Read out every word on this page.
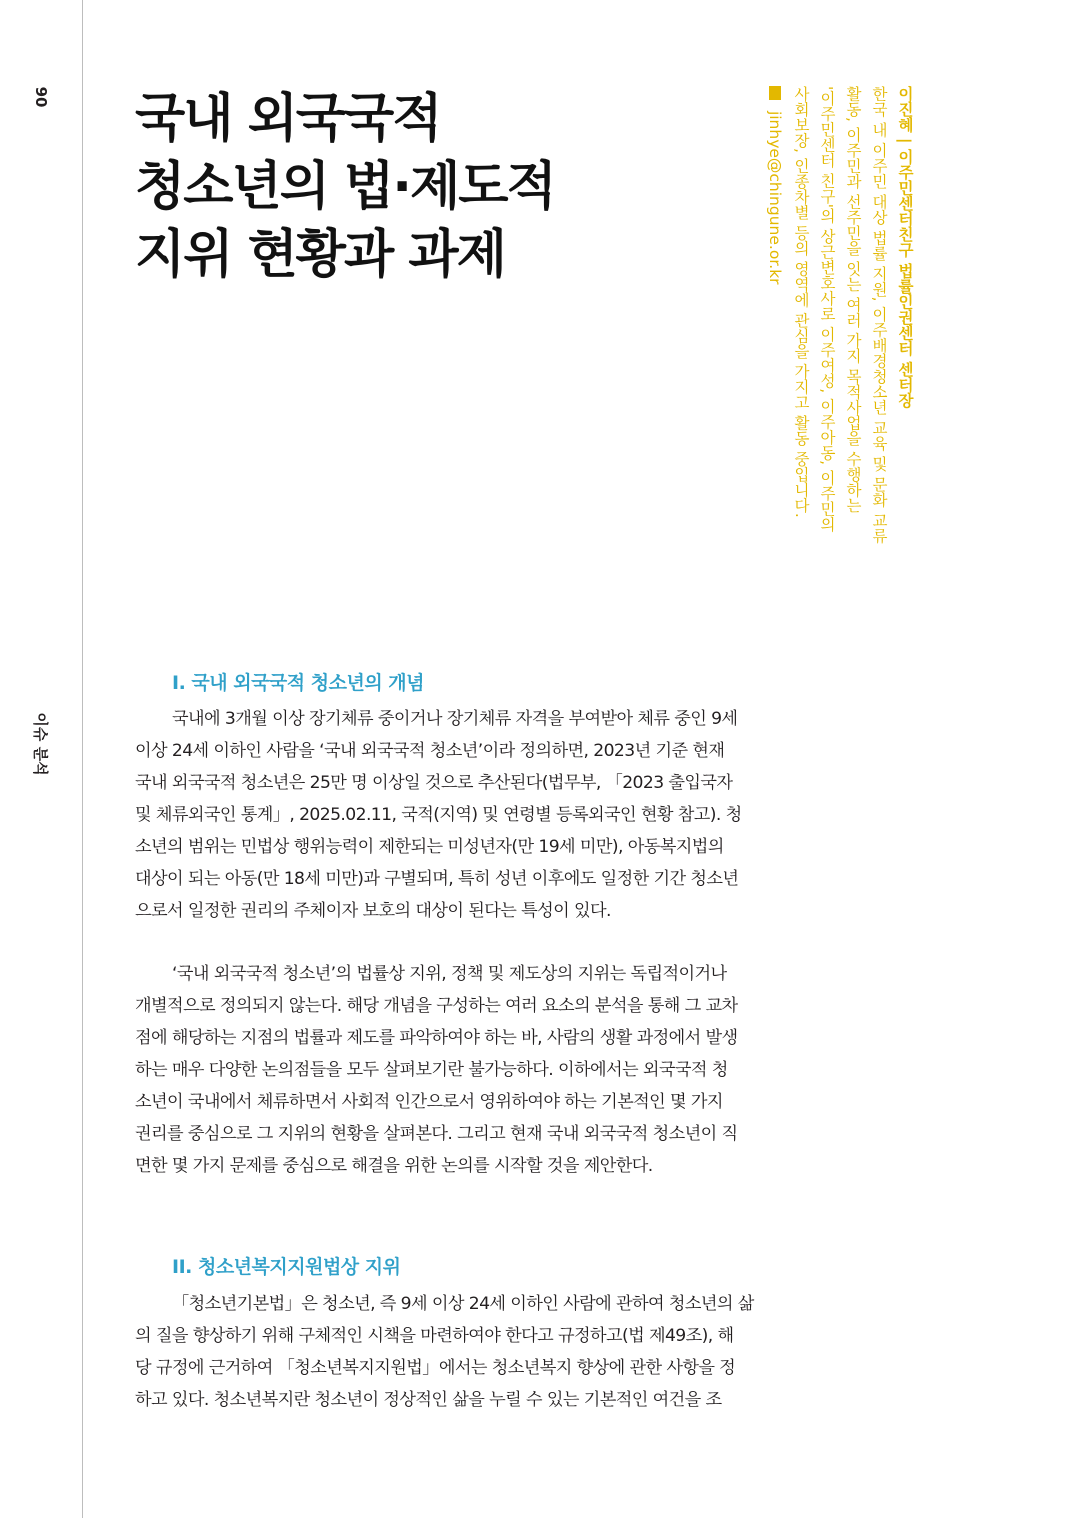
90
이슈 분석
국내 외국국적
청소년의 법·제도적
지위 현황과 과제	이진혜 | 이주민센터친구 법률인권센터 센터장
한국 내 이주민 대상 법률 지원, 이주배경청소년 교육 및 문화 교류
활동, 이주민과 선주민을 잇는 여러 가지 목적사업을 수행하는
'이주민센터 친구'의 상근변호사로 이주여성, 이주아동, 이주민의
사회보장, 인종차별 등의 영역에 관심을 가지고 활동 중입니다.
jinhye@chingune.or.kr
I. 국내 외국국적 청소년의 개념
국내에 3개월 이상 장기체류 중이거나 장기체류 자격을 부여받아 체류 중인 9세
이상 24세 이하인 사람을 ‘국내 외국국적 청소년’이라 정의하면, 2023년 기준 현재
국내 외국국적 청소년은 25만 명 이상일 것으로 추산된다(법무부, 「2023 출입국자
및 체류외국인 통계」, 2025.02.11, 국적(지역) 및 연령별 등록외국인 현황 참고). 청
소년의 범위는 민법상 행위능력이 제한되는 미성년자(만 19세 미만), 아동복지법의
대상이 되는 아동(만 18세 미만)과 구별되며, 특히 성년 이후에도 일정한 기간 청소년
으로서 일정한 권리의 주체이자 보호의 대상이 된다는 특성이 있다.
‘국내 외국국적 청소년’의 법률상 지위, 정책 및 제도상의 지위는 독립적이거나
개별적으로 정의되지 않는다. 해당 개념을 구성하는 여러 요소의 분석을 통해 그 교차
점에 해당하는 지점의 법률과 제도를 파악하여야 하는 바, 사람의 생활 과정에서 발생
하는 매우 다양한 논의점들을 모두 살펴보기란 불가능하다. 이하에서는 외국국적 청
소년이 국내에서 체류하면서 사회적 인간으로서 영위하여야 하는 기본적인 몇 가지
권리를 중심으로 그 지위의 현황을 살펴본다. 그리고 현재 국내 외국국적 청소년이 직
면한 몇 가지 문제를 중심으로 해결을 위한 논의를 시작할 것을 제안한다.
II. 청소년복지지원법상 지위
「청소년기본법」은 청소년, 즉 9세 이상 24세 이하인 사람에 관하여 청소년의 삶
의 질을 향상하기 위해 구체적인 시책을 마련하여야 한다고 규정하고(법 제49조), 해
당 규정에 근거하여 「청소년복지지원법」에서는 청소년복지 향상에 관한 사항을 정
하고 있다. 청소년복지란 청소년이 정상적인 삶을 누릴 수 있는 기본적인 여건을 조
